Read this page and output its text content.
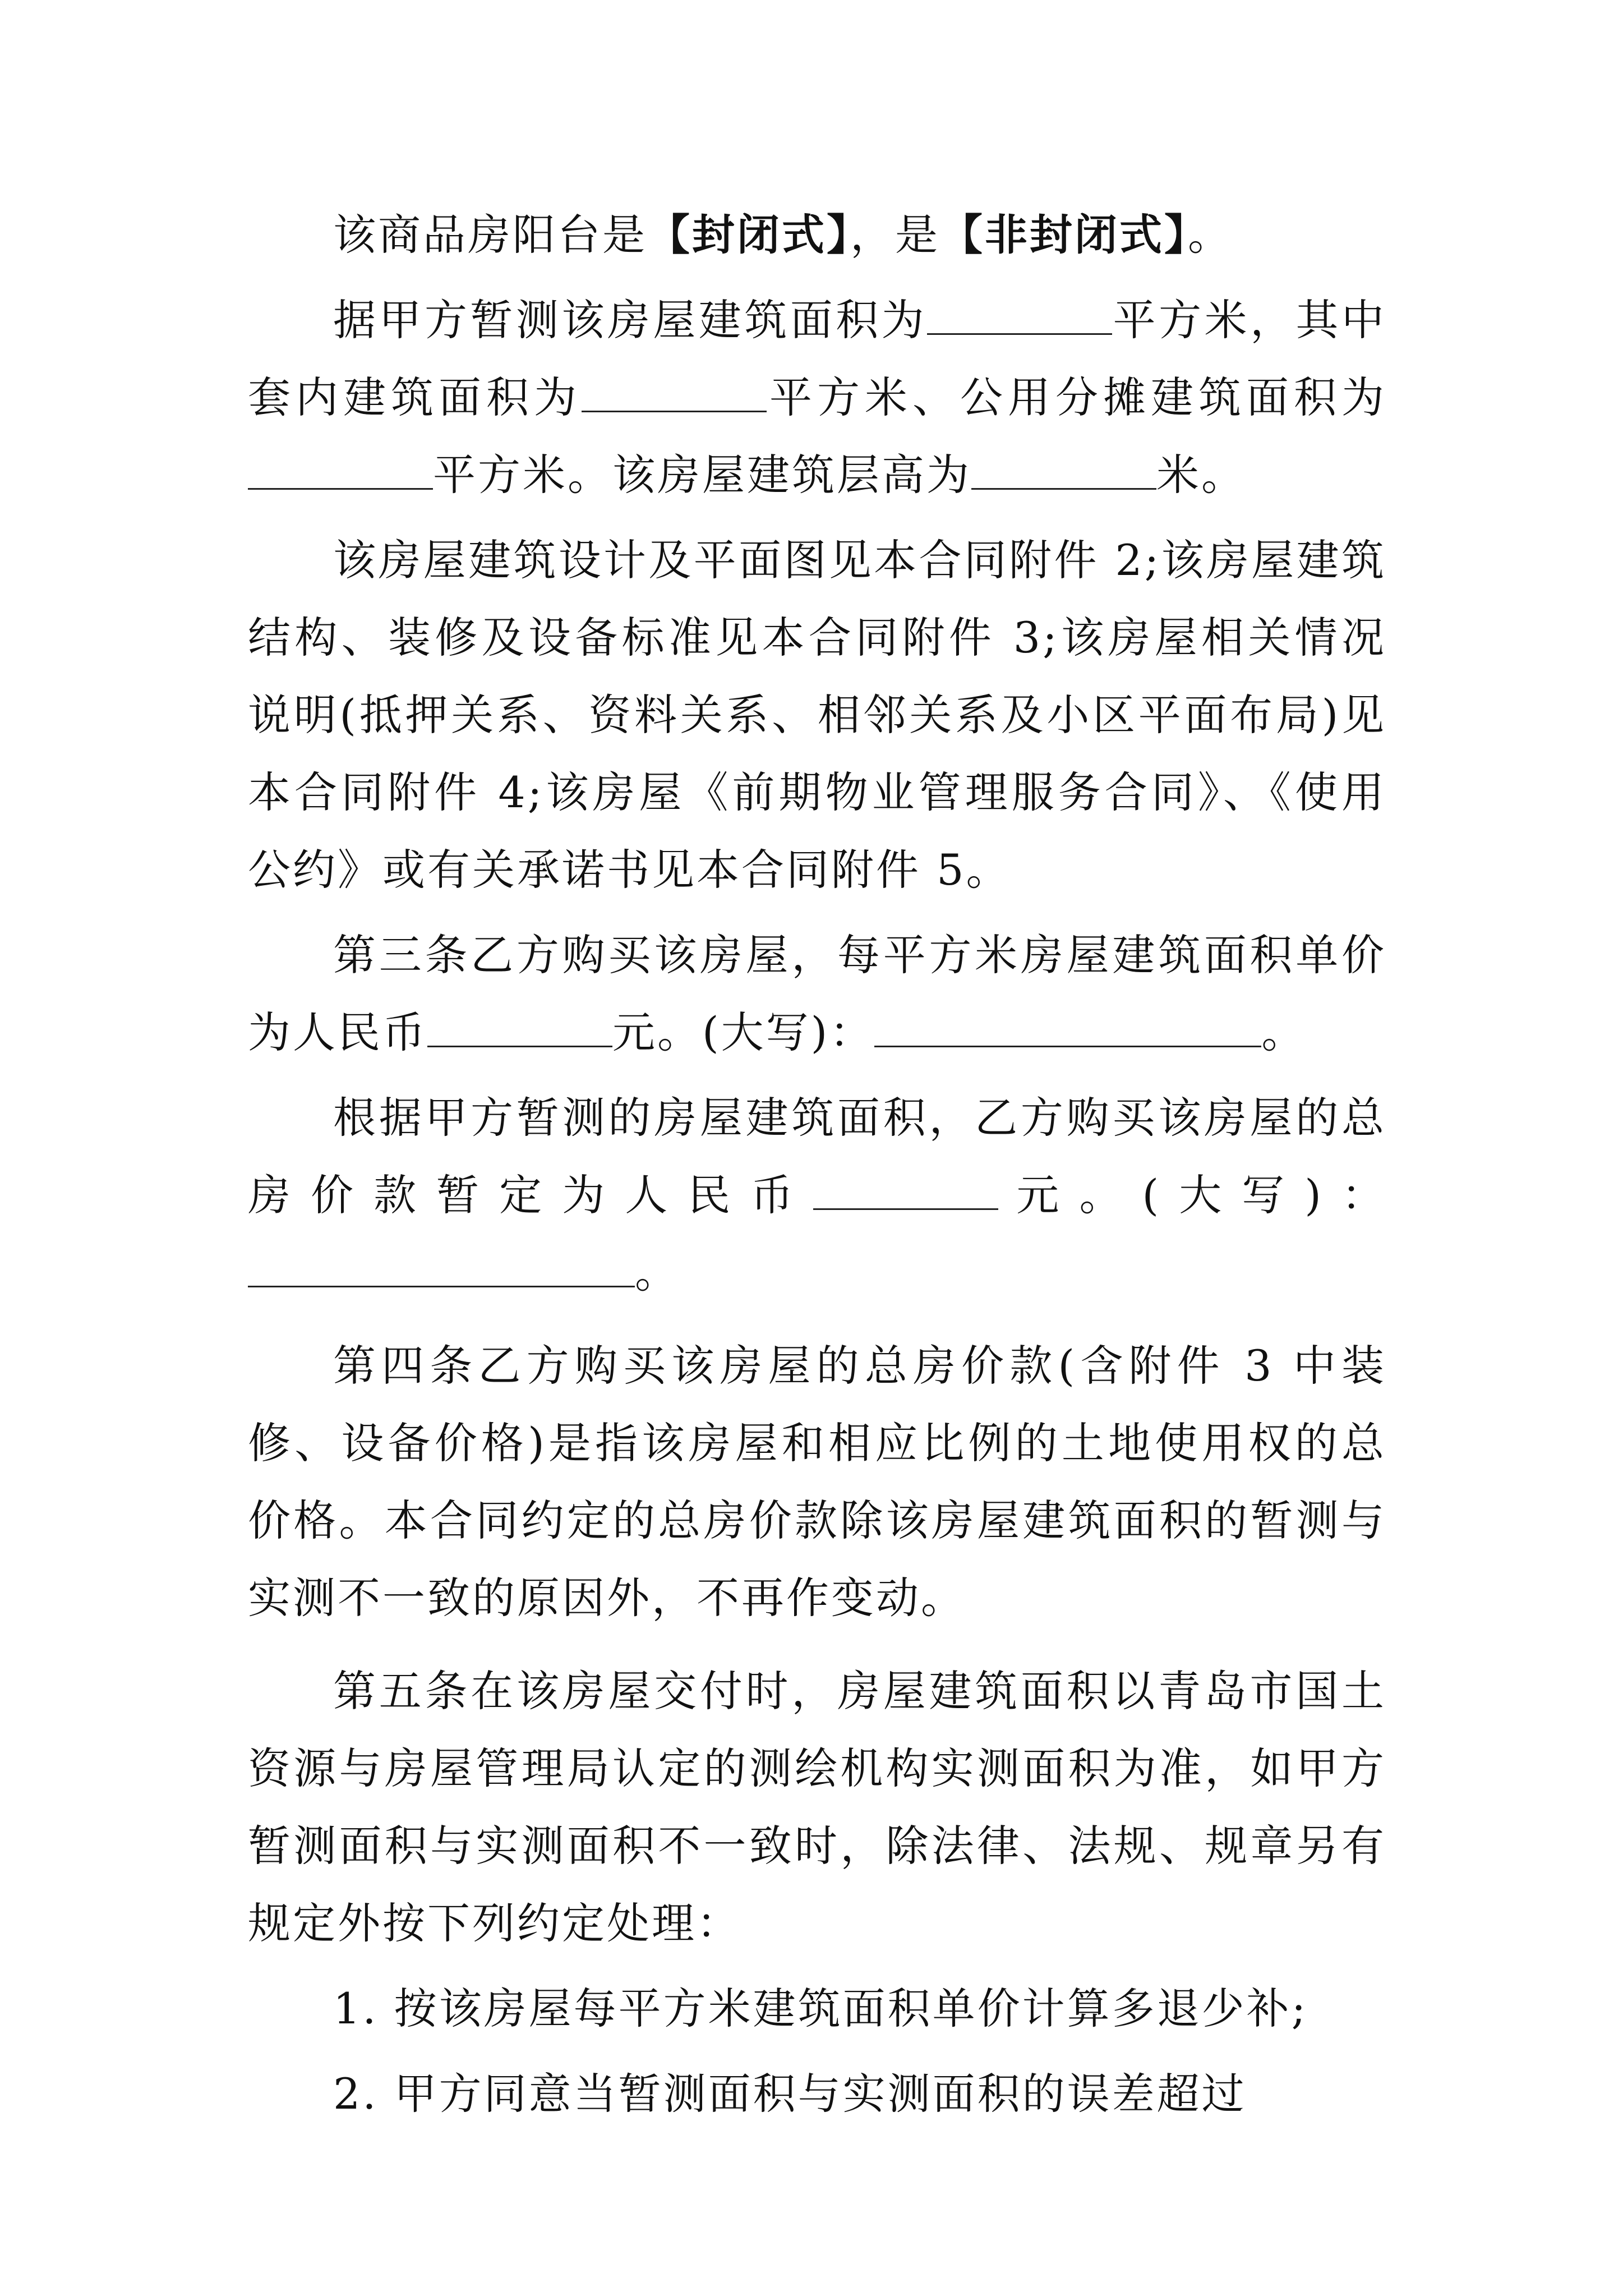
该商品房阳台是【封闭式】，是【非封闭式】。

据甲方暂测该房屋建筑面积为	平方米，其中套内建筑面积为	平方米、公用分摊建筑面积为平方米。该房屋建筑层高为	米。

该房屋建筑设计及平面图见本合同附件 2;该房屋建筑结构、装修及设备标准见本合同附件 3;该房屋相关情况说明(抵押关系、资料关系、相邻关系及小区平面布局)见本合同附件 4;该房屋《前期物业管理服务合同》、《使用公约》或有关承诺书见本合同附件 5。

第三条乙方购买该房屋，每平方米房屋建筑面积单价为人民币	元。(大写)：	。

根据甲方暂测的房屋建筑面积，乙方购买该房屋的总房价款暂定为人民币	元。(大写)：。

第四条乙方购买该房屋的总房价款(含附件 3 中装修、设备价格)是指该房屋和相应比例的土地使用权的总价格。本合同约定的总房价款除该房屋建筑面积的暂测与实测不一致的原因外，不再作变动。

第五条在该房屋交付时，房屋建筑面积以青岛市国土资源与房屋管理局认定的测绘机构实测面积为准，如甲方暂测面积与实测面积不一致时，除法律、法规、规章另有规定外按下列约定处理：

1. 按该房屋每平方米建筑面积单价计算多退少补;

2. 甲方同意当暂测面积与实测面积的误差超过
